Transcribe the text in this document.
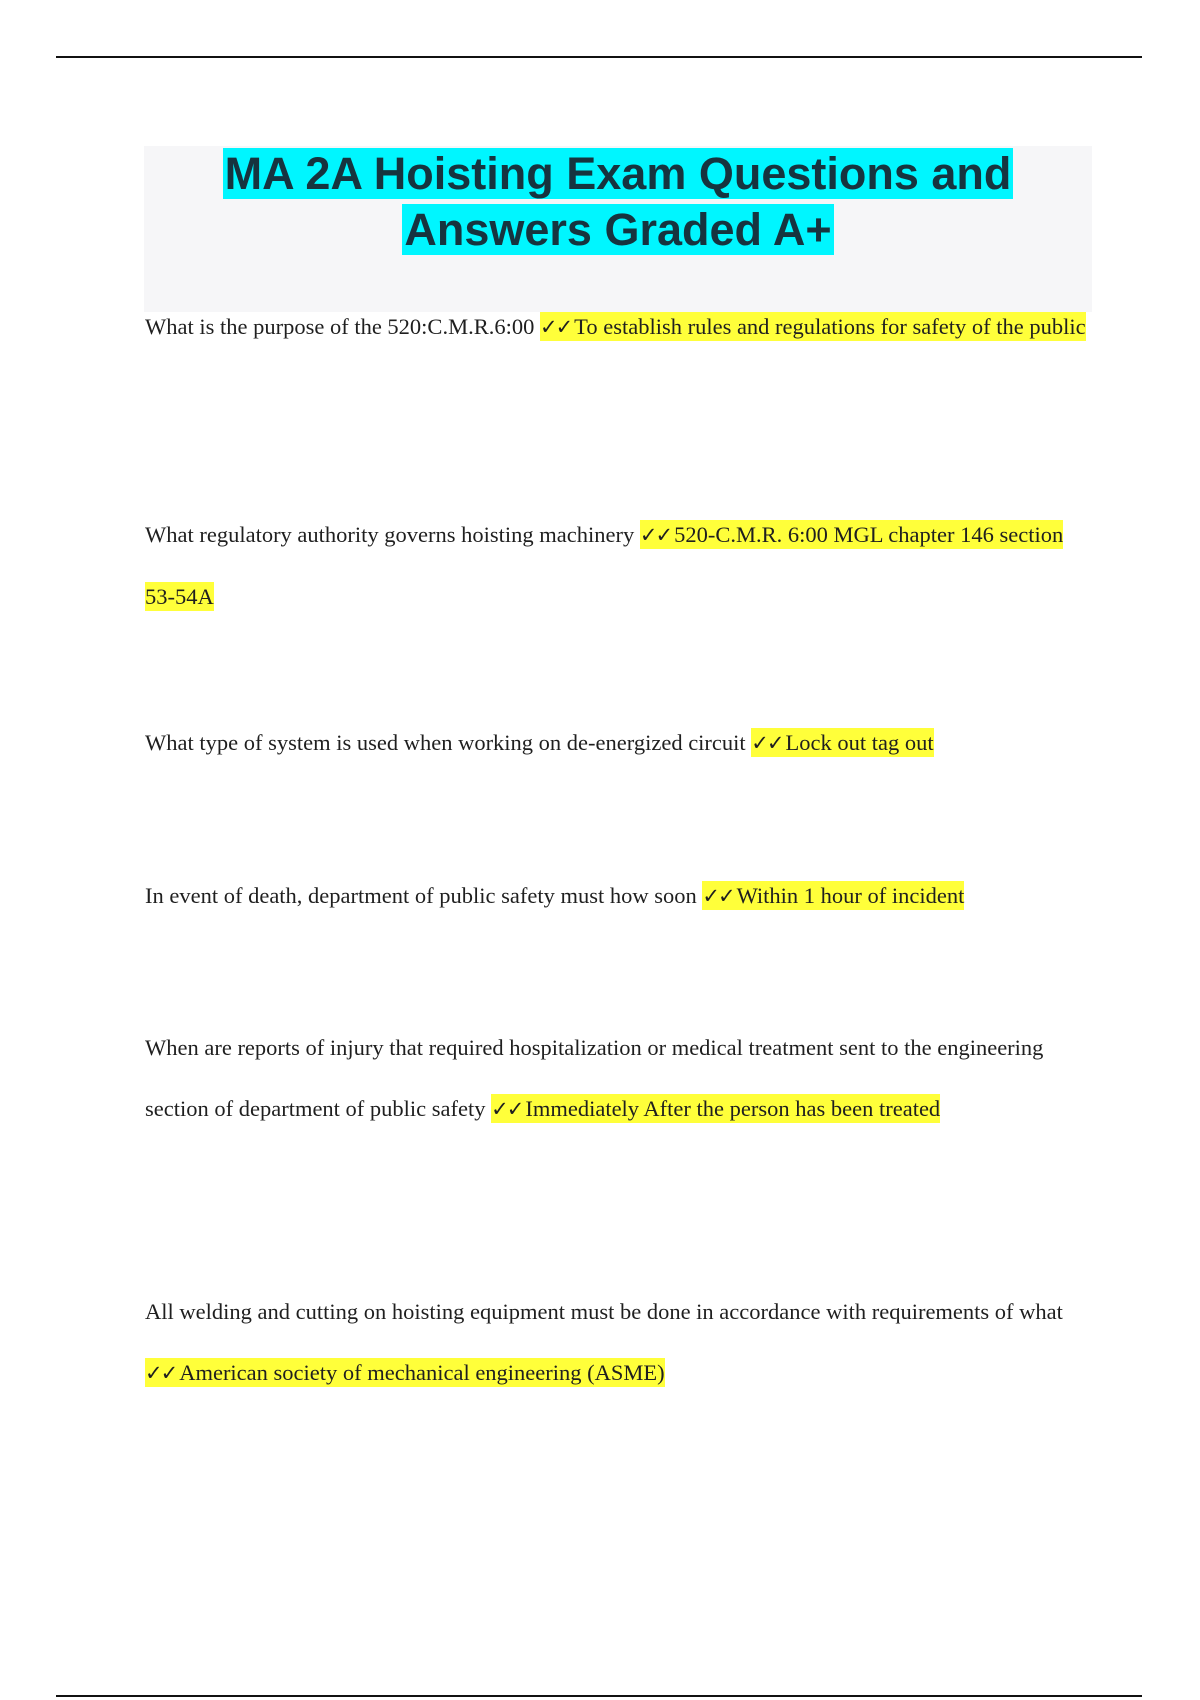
MA 2A Hoisting Exam Questions and Answers Graded A+

What is the purpose of the 520:C.M.R.6:00 ✓✓ To establish rules and regulations for safety of the public

What regulatory authority governs hoisting machinery ✓✓ 520-C.M.R. 6:00 MGL chapter 146 section 53-54A

What type of system is used when working on de-energized circuit ✓✓ Lock out tag out

In event of death, department of public safety must how soon ✓✓ Within 1 hour of incident

When are reports of injury that required hospitalization or medical treatment sent to the engineering section of department of public safety ✓✓ Immediately After the person has been treated

All welding and cutting on hoisting equipment must be done in accordance with requirements of what ✓✓ American society of mechanical engineering (ASME)
